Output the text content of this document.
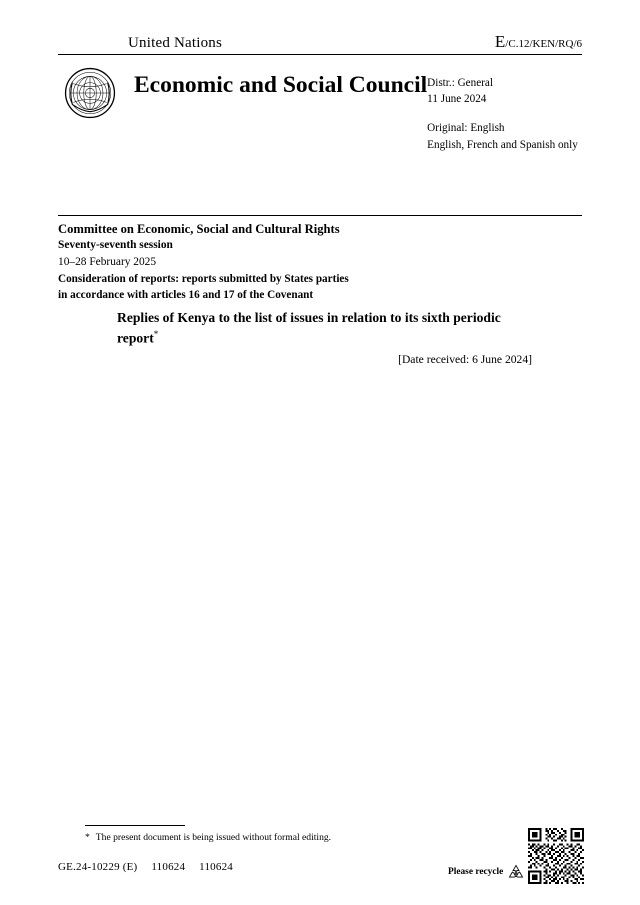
United Nations	E/C.12/KEN/RQ/6
Economic and Social Council Distr.: General
11 June 2024
Original: English
English, French and Spanish only
Committee on Economic, Social and Cultural Rights
Seventy-seventh session
10–28 February 2025
Consideration of reports: reports submitted by States parties
in accordance with articles 16 and 17 of the Covenant
Replies of Kenya to the list of issues in relation to its sixth periodic report*
[Date received: 6 June 2024]
* The present document is being issued without formal editing.
GE.24-10229 (E) 110624 110624	Please recycle
